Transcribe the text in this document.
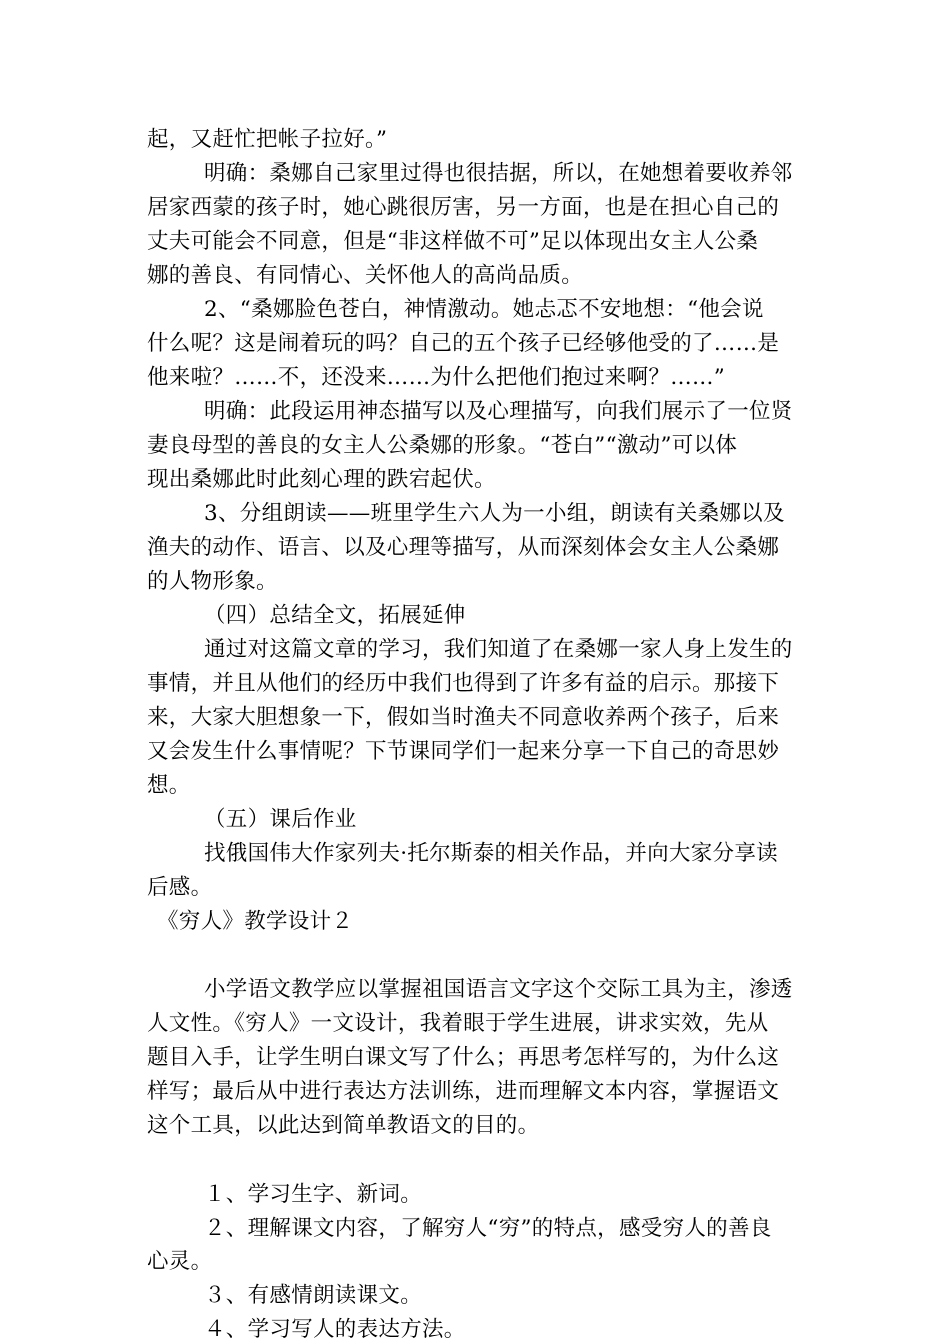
起，又赶忙把帐子拉好。”
明确：桑娜自己家里过得也很拮据，所以，在她想着要收养邻
居家西蒙的孩子时，她心跳很厉害，另一方面，也是在担心自己的
丈夫可能会不同意，但是“非这样做不可”足以体现出女主人公桑
娜的善良、有同情心、关怀他人的高尚品质。
2、“桑娜脸色苍白，神情激动。她忐忑不安地想：“他会说
什么呢？这是闹着玩的吗？自己的五个孩子已经够他受的了……是
他来啦？……不，还没来……为什么把他们抱过来啊？……”
明确：此段运用神态描写以及心理描写，向我们展示了一位贤
妻良母型的善良的女主人公桑娜的形象。“苍白”“激动”可以体
现出桑娜此时此刻心理的跌宕起伏。
3、分组朗读——班里学生六人为一小组，朗读有关桑娜以及
渔夫的动作、语言、以及心理等描写，从而深刻体会女主人公桑娜
的人物形象。
（四）总结全文，拓展延伸
通过对这篇文章的学习，我们知道了在桑娜一家人身上发生的
事情，并且从他们的经历中我们也得到了许多有益的启示。那接下
来，大家大胆想象一下，假如当时渔夫不同意收养两个孩子，后来
又会发生什么事情呢？下节课同学们一起来分享一下自己的奇思妙
想。
（五）课后作业
找俄国伟大作家列夫·托尔斯泰的相关作品，并向大家分享读
后感。
《穷人》教学设计２
小学语文教学应以掌握祖国语言文字这个交际工具为主，渗透
人文性。《穷人》一文设计，我着眼于学生进展，讲求实效，先从
题目入手，让学生明白课文写了什么；再思考怎样写的，为什么这
样写；最后从中进行表达方法训练，进而理解文本内容，掌握语文
这个工具，以此达到简单教语文的目的。
１、学习生字、新词。
２、理解课文内容，了解穷人“穷”的特点，感受穷人的善良
心灵。
３、有感情朗读课文。
４、学习写人的表达方法。
